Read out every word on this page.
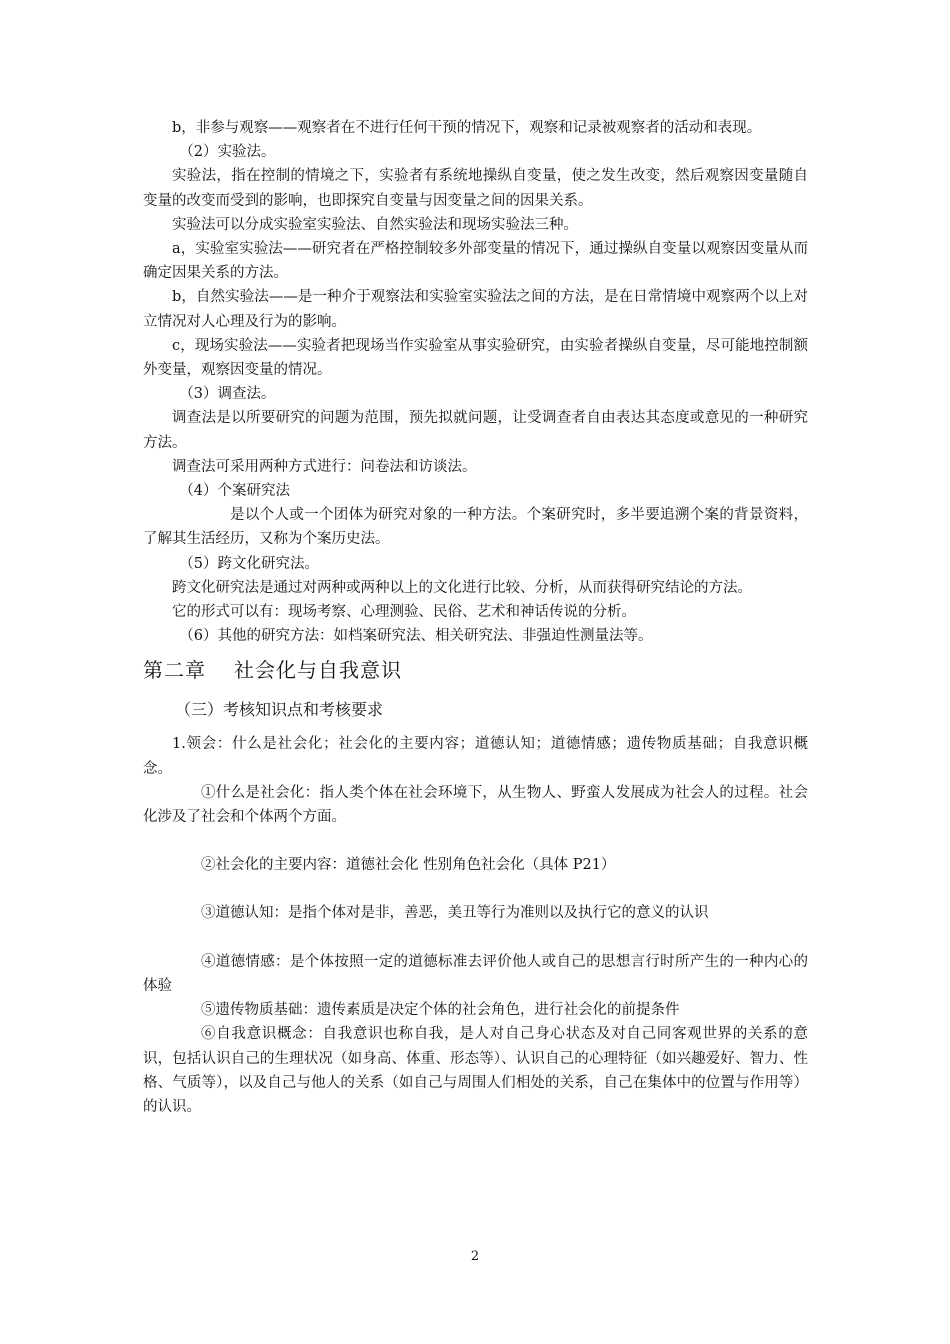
b，非参与观察——观察者在不进行任何干预的情况下，观察和记录被观察者的活动和表现。

（2）实验法。

实验法，指在控制的情境之下，实验者有系统地操纵自变量，使之发生改变，然后观察因变量随自变量的改变而受到的影响，也即探究自变量与因变量之间的因果关系。

实验法可以分成实验室实验法、自然实验法和现场实验法三种。

a，实验室实验法——研究者在严格控制较多外部变量的情况下，通过操纵自变量以观察因变量从而确定因果关系的方法。

b，自然实验法——是一种介于观察法和实验室实验法之间的方法，是在日常情境中观察两个以上对立情况对人心理及行为的影响。

c，现场实验法——实验者把现场当作实验室从事实验研究，由实验者操纵自变量，尽可能地控制额外变量，观察因变量的情况。

（3）调查法。

调查法是以所要研究的问题为范围，预先拟就问题，让受调查者自由表达其态度或意见的一种研究方法。

调查法可采用两种方式进行：问卷法和访谈法。

（4）个案研究法

是以个人或一个团体为研究对象的一种方法。个案研究时，多半要追溯个案的背景资料，了解其生活经历，又称为个案历史法。

（5）跨文化研究法。

跨文化研究法是通过对两种或两种以上的文化进行比较、分析，从而获得研究结论的方法。

它的形式可以有：现场考察、心理测验、民俗、艺术和神话传说的分析。

（6）其他的研究方法：如档案研究法、相关研究法、非强迫性测量法等。

第二章 社会化与自我意识

（三）考核知识点和考核要求

1.领会：什么是社会化；社会化的主要内容；道德认知；道德情感；遗传物质基础；自我意识概念。

①什么是社会化：指人类个体在社会环境下，从生物人、野蛮人发展成为社会人的过程。社会化涉及了社会和个体两个方面。

②社会化的主要内容：道德社会化 性别角色社会化（具体 P21）

③道德认知：是指个体对是非，善恶，美丑等行为准则以及执行它的意义的认识

④道德情感：是个体按照一定的道德标准去评价他人或自己的思想言行时所产生的一种内心的体验

⑤遗传物质基础：遗传素质是决定个体的社会角色，进行社会化的前提条件

⑥自我意识概念：自我意识也称自我，是人对自己身心状态及对自己同客观世界的关系的意识，包括认识自己的生理状况（如身高、体重、形态等）、认识自己的心理特征（如兴趣爱好、智力、性格、气质等），以及自己与他人的关系（如自己与周围人们相处的关系，自己在集体中的位置与作用等）的认识。

2
